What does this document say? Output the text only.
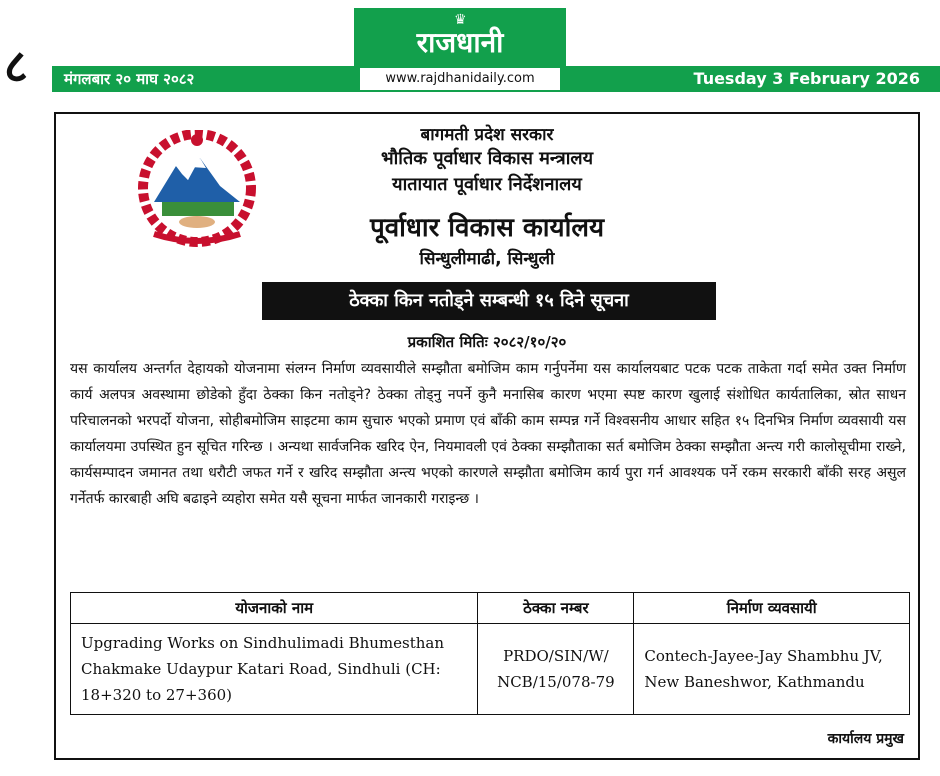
८ मंगलबार २० माघ २०८२	Tuesday 3 February 2026
♛
राजधानी
www.rajdhanidaily.com
बागमती प्रदेश सरकार
भौतिक पूर्वाधार विकास मन्त्रालय
यातायात पूर्वाधार निर्देशनालय
पूर्वाधार विकास कार्यालय
सिन्धुलीमाढी, सिन्धुली
ठेक्का किन नतोड्ने सम्बन्धी १५ दिने सूचना
प्रकाशित मितिः २०८२/१०/२०
यस कार्यालय अन्तर्गत देहायको योजनामा संलग्न निर्माण व्यवसायीले सम्झौता बमोजिम काम गर्नुपर्नेमा यस कार्यालयबाट पटक पटक ताकेता गर्दा समेत उक्त निर्माण कार्य अलपत्र अवस्थामा छोडेको हुँदा ठेक्का किन नतोड्ने? ठेक्का तोड्नु नपर्ने कुनै मनासिब कारण भएमा स्पष्ट कारण खुलाई संशोधित कार्यतालिका, स्रोत साधन परिचालनको भरपर्दो योजना, सोहीबमोजिम साइटमा काम सुचारु भएको प्रमाण एवं बाँकी काम सम्पन्न गर्ने विश्वसनीय आधार सहित १५ दिनभित्र निर्माण व्यवसायी यस कार्यालयमा उपस्थित हुन सूचित गरिन्छ । अन्यथा सार्वजनिक खरिद ऐन, नियमावली एवं ठेक्का सम्झौताका सर्त बमोजिम ठेक्का सम्झौता अन्त्य गरी कालोसूचीमा राख्ने, कार्यसम्पादन जमानत तथा धरौटी जफत गर्ने र खरिद सम्झौता अन्त्य भएको कारणले सम्झौता बमोजिम कार्य पुरा गर्न आवश्यक पर्ने रकम सरकारी बाँकी सरह असुल गर्नेतर्फ कारबाही अघि बढाइने व्यहोरा समेत यसै सूचना मार्फत जानकारी गराइन्छ ।
योजनाको नाम	ठेक्का नम्बर	निर्माण व्यवसायी
Upgrading Works on Sindhulimadi Bhumesthan Chakmake Udaypur Katari Road, Sindhuli (CH: 18+320 to 27+360)	PRDO/SIN/W/ NCB/15/078-79	Contech-Jayee-Jay Shambhu JV, New Baneshwor, Kathmandu
कार्यालय प्रमुख
